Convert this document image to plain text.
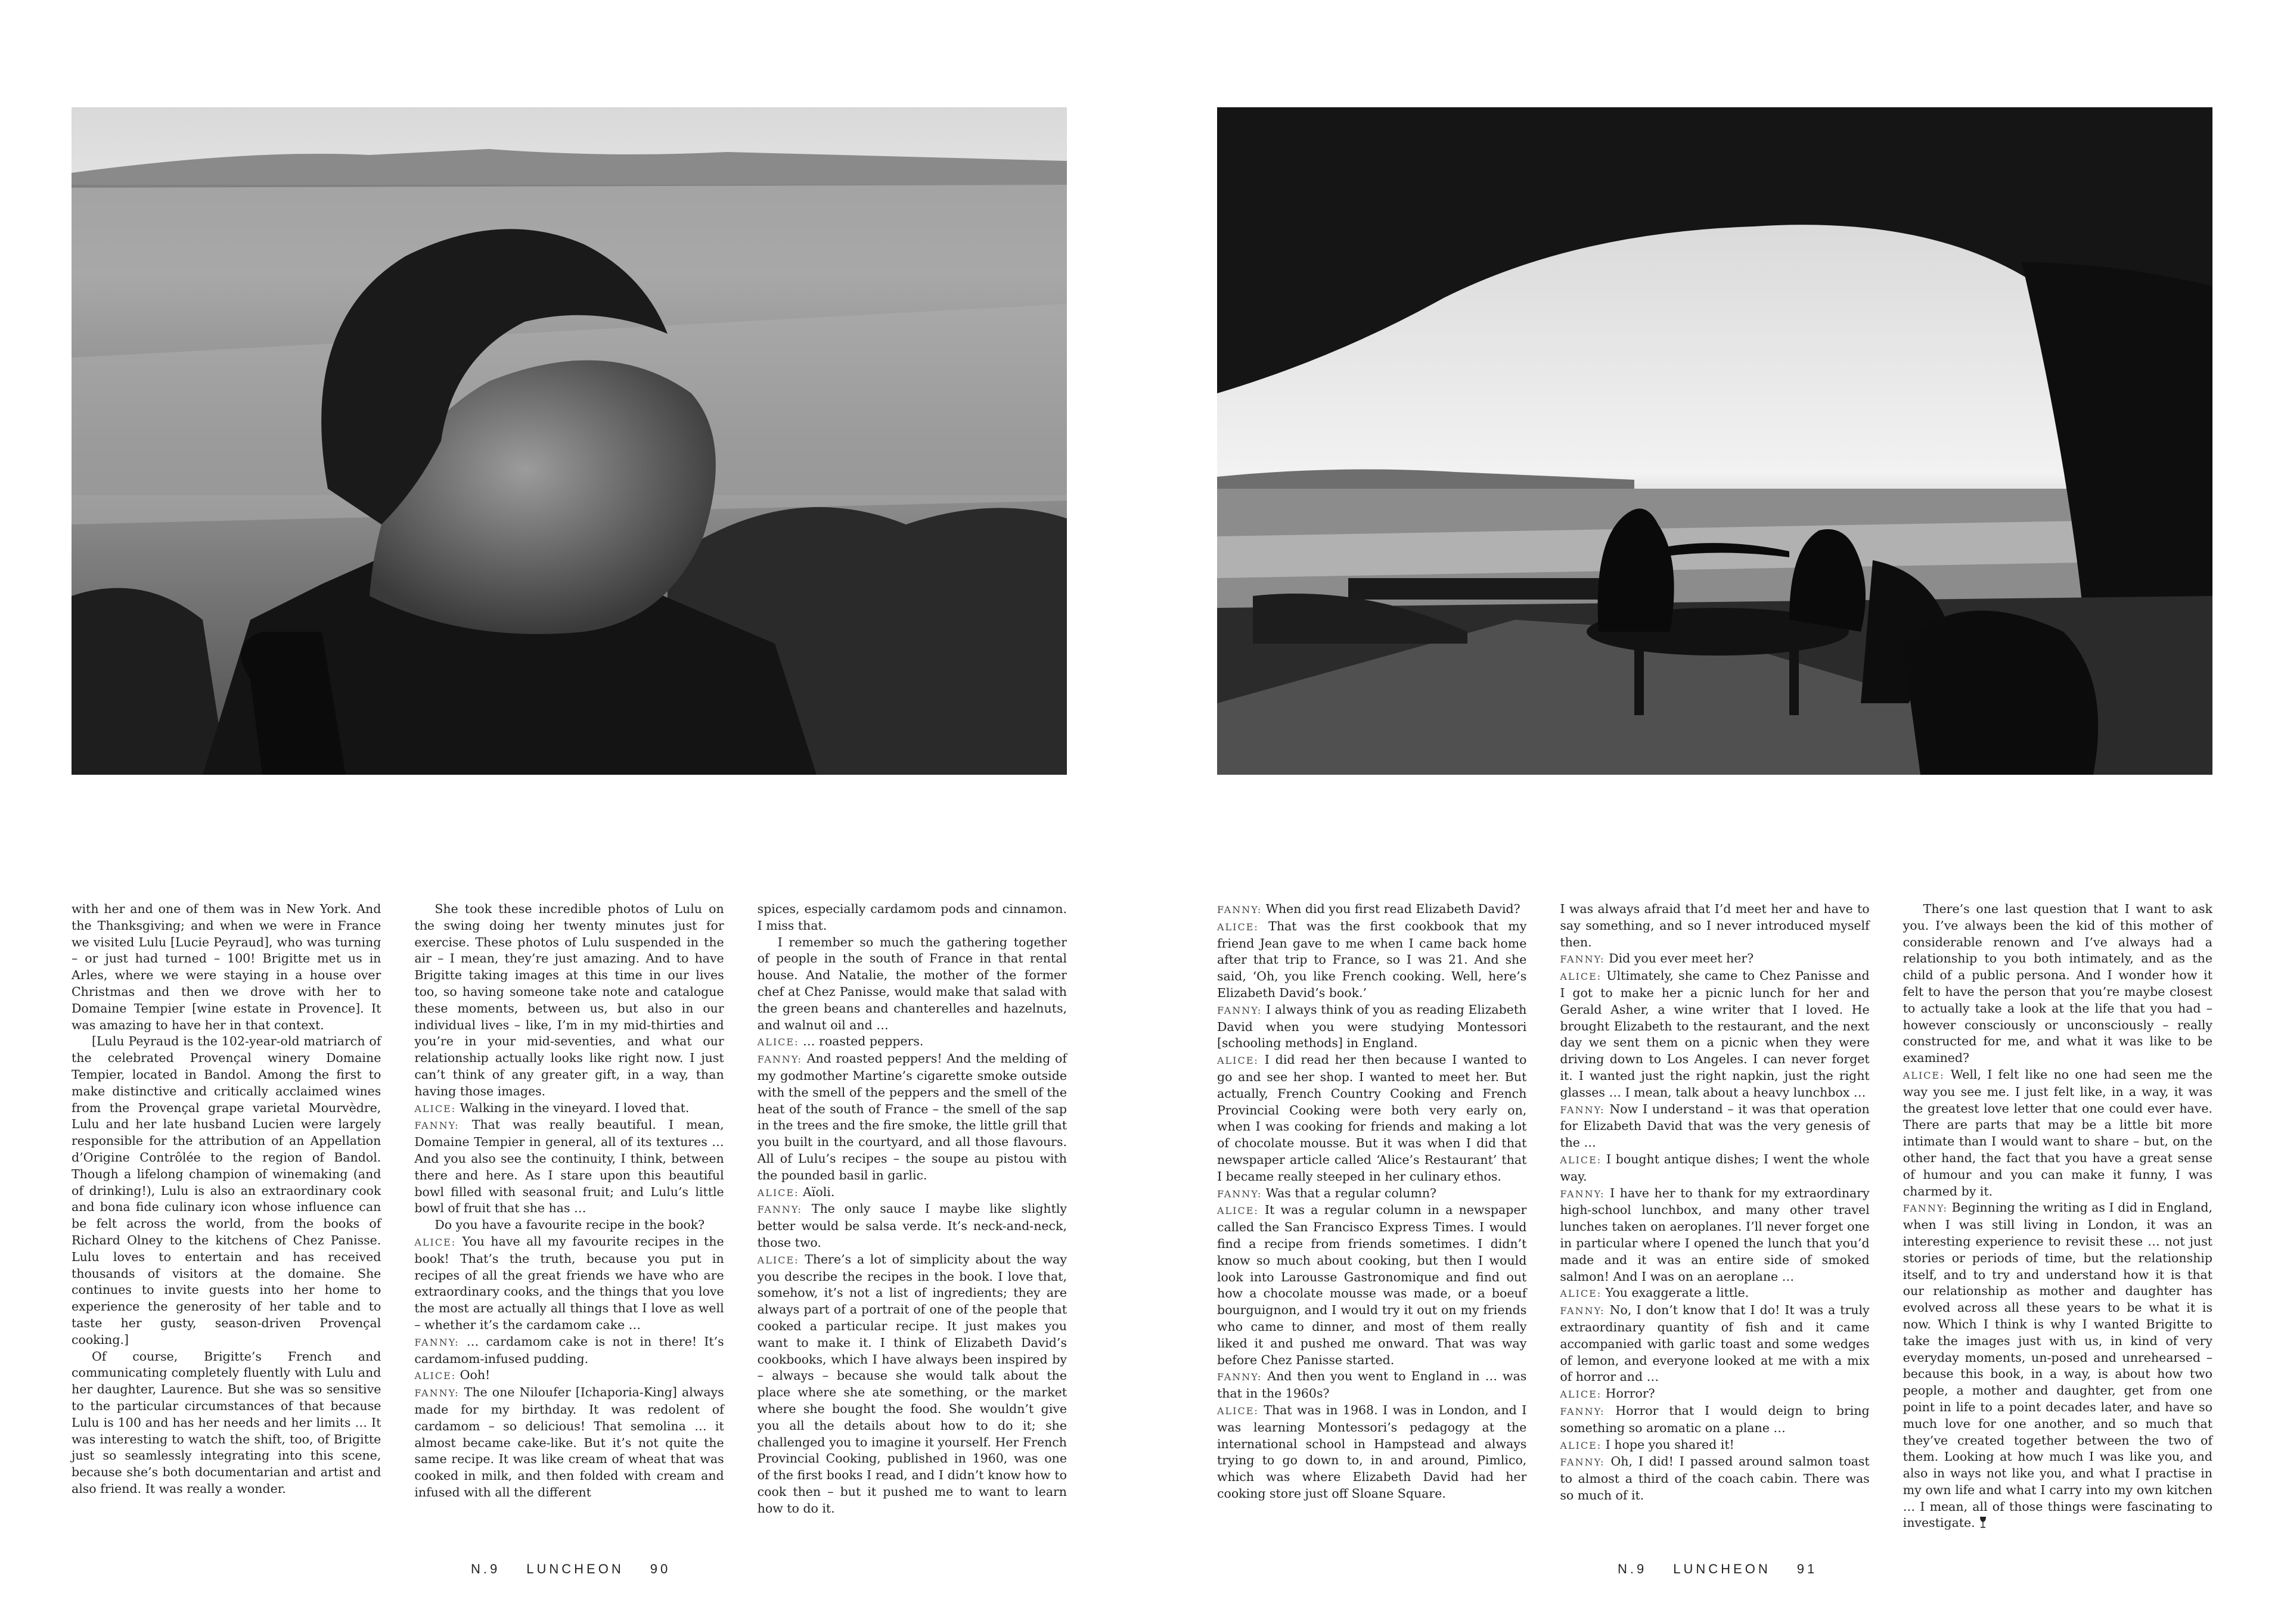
with her and one of them was in New York. And the Thanksgiving; and when we were in France we visited Lulu [Lucie Peyraud], who was turning – or just had turned – 100! Brigitte met us in Arles, where we were staying in a house over Christmas and then we drove with her to Domaine Tempier [wine estate in Provence]. It was amazing to have her in that context.

[Lulu Peyraud is the 102-year-old matriarch of the celebrated Provençal winery Domaine Tempier, located in Bandol. Among the first to make distinctive and critically acclaimed wines from the Provençal grape varietal Mourvèdre, Lulu and her late husband Lucien were largely responsible for the attribution of an Appellation d’Origine Contrôlée to the region of Bandol. Though a lifelong champion of winemaking (and of drinking!), Lulu is also an extraordinary cook and bona fide culinary icon whose influence can be felt across the world, from the books of Richard Olney to the kitchens of Chez Panisse. Lulu loves to entertain and has received thousands of visitors at the domaine. She continues to invite guests into her home to experience the generosity of her table and to taste her gusty, season-driven Provençal cooking.]

Of course, Brigitte’s French and communicating completely fluently with Lulu and her daughter, Laurence. But she was so sensitive to the particular circumstances of that because Lulu is 100 and has her needs and her limits … It was interesting to watch the shift, too, of Brigitte just so seamlessly integrating into this scene, because she’s both documentarian and artist and also friend. It was really a wonder.

She took these incredible photos of Lulu on the swing doing her twenty minutes just for exercise. These photos of Lulu suspended in the air – I mean, they’re just amazing. And to have Brigitte taking images at this time in our lives too, so having someone take note and catalogue these moments, between us, but also in our individual lives – like, I’m in my mid-thirties and you’re in your mid-seventies, and what our relationship actually looks like right now. I just can’t think of any greater gift, in a way, than having those images.

ALICE: Walking in the vineyard. I loved that.

FANNY: That was really beautiful. I mean, Domaine Tempier in general, all of its textures … And you also see the continuity, I think, between there and here. As I stare upon this beautiful bowl filled with seasonal fruit; and Lulu’s little bowl of fruit that she has …

Do you have a favourite recipe in the book?

ALICE: You have all my favourite recipes in the book! That’s the truth, because you put in recipes of all the great friends we have who are extraordinary cooks, and the things that you love the most are actually all things that I love as well – whether it’s the cardamom cake …

FANNY: … cardamom cake is not in there! It’s cardamom-infused pudding.

ALICE: Ooh!

FANNY: The one Niloufer [Ichaporia-King] always made for my birthday. It was redolent of cardamom – so delicious! That semolina … it almost became cake-like. But it’s not quite the same recipe. It was like cream of wheat that was cooked in milk, and then folded with cream and infused with all the different

spices, especially cardamom pods and cinnamon. I miss that.

I remember so much the gathering together of people in the south of France in that rental house. And Natalie, the mother of the former chef at Chez Panisse, would make that salad with the green beans and chanterelles and hazelnuts, and walnut oil and …

ALICE: … roasted peppers.

FANNY: And roasted peppers! And the melding of my godmother Martine’s cigarette smoke outside with the smell of the peppers and the smell of the heat of the south of France – the smell of the sap in the trees and the fire smoke, the little grill that you built in the courtyard, and all those flavours. All of Lulu’s recipes – the soupe au pistou with the pounded basil in garlic.

ALICE: Aïoli.

FANNY: The only sauce I maybe like slightly better would be salsa verde. It’s neck-and-neck, those two.

ALICE: There’s a lot of simplicity about the way you describe the recipes in the book. I love that, somehow, it’s not a list of ingredients; they are always part of a portrait of one of the people that cooked a particular recipe. It just makes you want to make it. I think of Elizabeth David’s cookbooks, which I have always been inspired by – always – because she would talk about the place where she ate something, or the market where she bought the food. She wouldn’t give you all the details about how to do it; she challenged you to imagine it yourself. Her French Provincial Cooking, published in 1960, was one of the first books I read, and I didn’t know how to cook then – but it pushed me to want to learn how to do it.

N.9 LUNCHEON 90

FANNY: When did you first read Elizabeth David?

ALICE: That was the first cookbook that my friend Jean gave to me when I came back home after that trip to France, so I was 21. And she said, ‘Oh, you like French cooking. Well, here’s Elizabeth David’s book.’

FANNY: I always think of you as reading Elizabeth David when you were studying Montessori [schooling methods] in England.

ALICE: I did read her then because I wanted to go and see her shop. I wanted to meet her. But actually, French Country Cooking and French Provincial Cooking were both very early on, when I was cooking for friends and making a lot of chocolate mousse. But it was when I did that newspaper article called ‘Alice’s Restaurant’ that I became really steeped in her culinary ethos.

FANNY: Was that a regular column?

ALICE: It was a regular column in a newspaper called the San Francisco Express Times. I would find a recipe from friends sometimes. I didn’t know so much about cooking, but then I would look into Larousse Gastronomique and find out how a chocolate mousse was made, or a boeuf bourguignon, and I would try it out on my friends who came to dinner, and most of them really liked it and pushed me onward. That was way before Chez Panisse started.

FANNY: And then you went to England in … was that in the 1960s?

ALICE: That was in 1968. I was in London, and I was learning Montessori’s pedagogy at the international school in Hampstead and always trying to go down to, in and around, Pimlico, which was where Elizabeth David had her cooking store just off Sloane Square.

I was always afraid that I’d meet her and have to say something, and so I never introduced myself then.

FANNY: Did you ever meet her?

ALICE: Ultimately, she came to Chez Panisse and I got to make her a picnic lunch for her and Gerald Asher, a wine writer that I loved. He brought Elizabeth to the restaurant, and the next day we sent them on a picnic when they were driving down to Los Angeles. I can never forget it. I wanted just the right napkin, just the right glasses … I mean, talk about a heavy lunchbox …

FANNY: Now I understand – it was that operation for Elizabeth David that was the very genesis of the …

ALICE: I bought antique dishes; I went the whole way.

FANNY: I have her to thank for my extraordinary high-school lunchbox, and many other travel lunches taken on aeroplanes. I’ll never forget one in particular where I opened the lunch that you’d made and it was an entire side of smoked salmon! And I was on an aeroplane …

ALICE: You exaggerate a little.

FANNY: No, I don’t know that I do! It was a truly extraordinary quantity of fish and it came accompanied with garlic toast and some wedges of lemon, and everyone looked at me with a mix of horror and …

ALICE: Horror?

FANNY: Horror that I would deign to bring something so aromatic on a plane …

ALICE: I hope you shared it!

FANNY: Oh, I did! I passed around salmon toast to almost a third of the coach cabin. There was so much of it.

There’s one last question that I want to ask you. I’ve always been the kid of this mother of considerable renown and I’ve always had a relationship to you both intimately, and as the child of a public persona. And I wonder how it felt to have the person that you’re maybe closest to actually take a look at the life that you had – however consciously or unconsciously – really constructed for me, and what it was like to be examined?

ALICE: Well, I felt like no one had seen me the way you see me. I just felt like, in a way, it was the greatest love letter that one could ever have. There are parts that may be a little bit more intimate than I would want to share – but, on the other hand, the fact that you have a great sense of humour and you can make it funny, I was charmed by it.

FANNY: Beginning the writing as I did in England, when I was still living in London, it was an interesting experience to revisit these … not just stories or periods of time, but the relationship itself, and to try and understand how it is that our relationship as mother and daughter has evolved across all these years to be what it is now. Which I think is why I wanted Brigitte to take the images just with us, in kind of very everyday moments, un-posed and unrehearsed – because this book, in a way, is about how two people, a mother and daughter, get from one point in life to a point decades later, and have so much love for one another, and so much that they’ve created together between the two of them. Looking at how much I was like you, and also in ways not like you, and what I practise in my own life and what I carry into my own kitchen … I mean, all of those things were fascinating to investigate.

N.9 LUNCHEON 91
